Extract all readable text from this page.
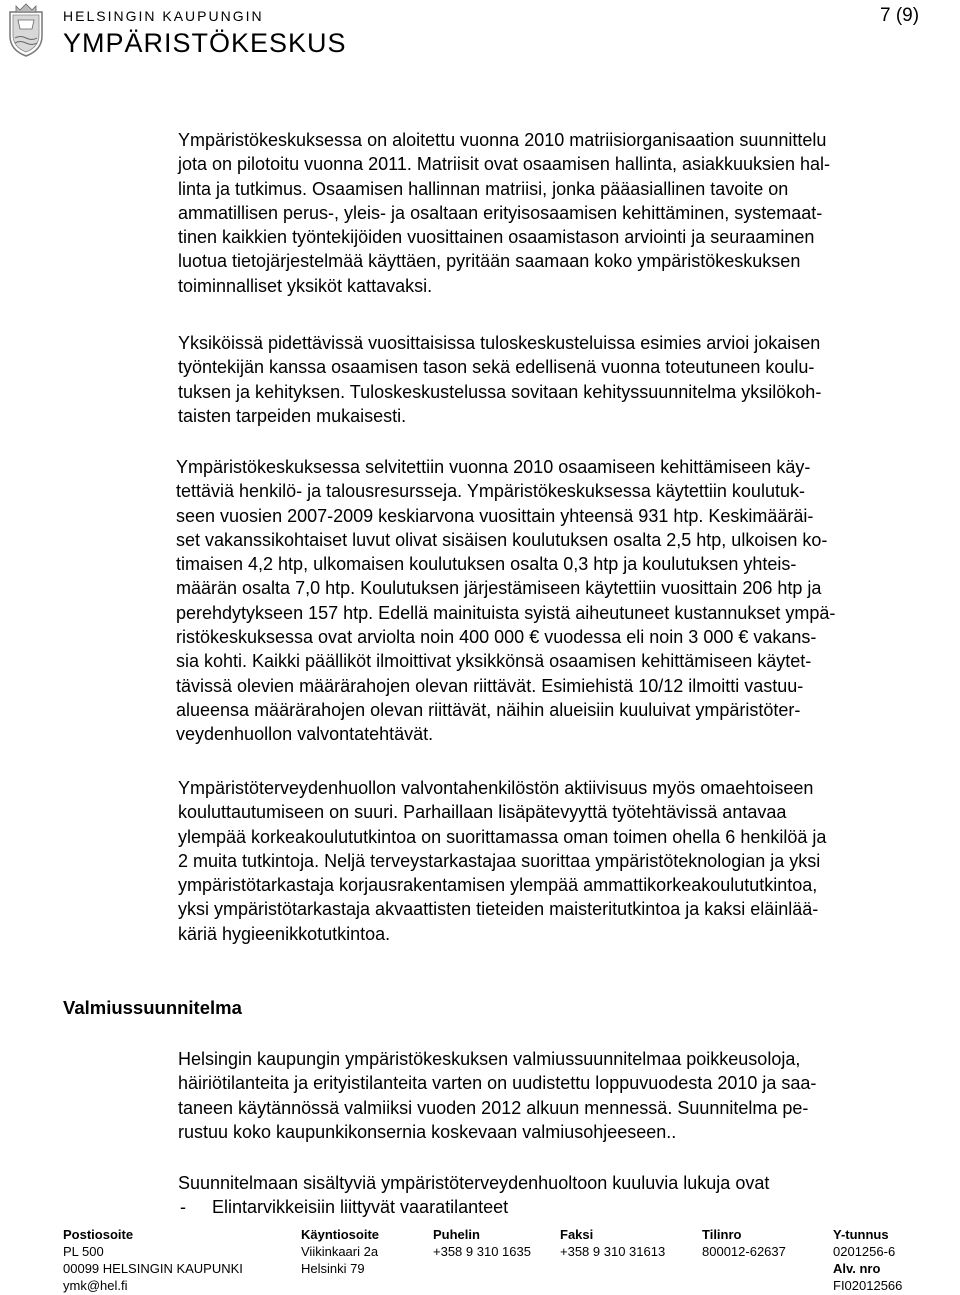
HELSINGIN KAUPUNGIN
YMPÄRISTÖKESKUS
7 (9)
Ympäristökeskuksessa on aloitettu vuonna 2010 matriisiorganisaation suunnittelu
jota on pilotoitu vuonna 2011. Matriisit ovat osaamisen hallinta, asiakkuuksien hal-
linta ja tutkimus. Osaamisen hallinnan matriisi, jonka pääasiallinen tavoite on
ammatillisen perus-, yleis- ja osaltaan erityisosaamisen kehittäminen, systemaat-
tinen kaikkien työntekijöiden vuosittainen osaamistason arviointi ja seuraaminen
luotua tietojärjestelmää käyttäen, pyritään saamaan koko ympäristökeskuksen
toiminnalliset yksiköt kattavaksi.
Yksiköissä pidettävissä vuosittaisissa tuloskeskusteluissa esimies arvioi jokaisen
työntekijän kanssa osaamisen tason sekä edellisenä vuonna toteutuneen koulu-
tuksen ja kehityksen. Tuloskeskustelussa sovitaan kehityssuunnitelma yksilökoh-
taisten tarpeiden mukaisesti.
Ympäristökeskuksessa selvitettiin vuonna 2010 osaamiseen kehittämiseen käy-
tettäviä henkilö- ja talousresursseja. Ympäristökeskuksessa käytettiin koulutuk-
seen vuosien 2007-2009 keskiarvona vuosittain yhteensä 931 htp. Keskimääräi-
set vakanssikohtaiset luvut olivat sisäisen koulutuksen osalta 2,5 htp, ulkoisen ko-
timaisen 4,2 htp, ulkomaisen koulutuksen osalta 0,3 htp ja koulutuksen yhteis-
määrän osalta 7,0 htp. Koulutuksen järjestämiseen käytettiin vuosittain 206 htp ja
perehdytykseen 157 htp. Edellä mainituista syistä aiheutuneet kustannukset ympä-
ristökeskuksessa ovat arviolta noin 400 000 € vuodessa eli noin 3 000 € vakans-
sia kohti. Kaikki päälliköt ilmoittivat yksikkönsä osaamisen kehittämiseen käytet-
tävissä olevien määrärahojen olevan riittävät. Esimiehistä 10/12 ilmoitti vastuu-
alueensa määrärahojen olevan riittävät, näihin alueisiin kuuluivat ympäristöter-
veydenhuollon valvontatehtävät.
Ympäristöterveydenhuollon valvontahenkilöstön aktiivisuus myös omaehtoiseen
kouluttautumiseen on suuri. Parhaillaan lisäpätevyyttä työtehtävissä antavaa
ylempää korkeakoulututkintoa on suorittamassa oman toimen ohella 6 henkilöä ja
2 muita tutkintoja. Neljä terveystarkastajaa suorittaa ympäristöteknologian ja yksi
ympäristötarkastaja korjausrakentamisen ylempää ammattikorkeakoulututkintoa,
yksi ympäristötarkastaja akvaattisten tieteiden maisteritutkintoa ja kaksi eläinlää-
käriä hygieenikkotutkintoa.
Valmiussuunnitelma
Helsingin kaupungin ympäristökeskuksen valmiussuunnitelmaa poikkeusoloja,
häiriötilanteita ja erityistilanteita varten on uudistettu loppuvuodesta 2010 ja saa-
taneen käytännössä valmiiksi vuoden 2012 alkuun mennessä. Suunnitelma pe-
rustuu koko kaupunkikonsernia koskevaan valmiusohjeeseen..
Suunnitelmaan sisältyviä ympäristöterveydenhuoltoon kuuluvia lukuja ovat
- Elintarvikkeisiin liittyvät vaaratilanteet
Postiosoite
PL 500
00099 HELSINGIN KAUPUNKI
ymk@hel.fi
Käyntiosoite
Viikinkaari 2a
Helsinki 79
Puhelin
+358 9 310 1635
Faksi
+358 9 310 31613
Tilinro
800012-62637
Y-tunnus
0201256-6
Alv. nro
FI02012566
